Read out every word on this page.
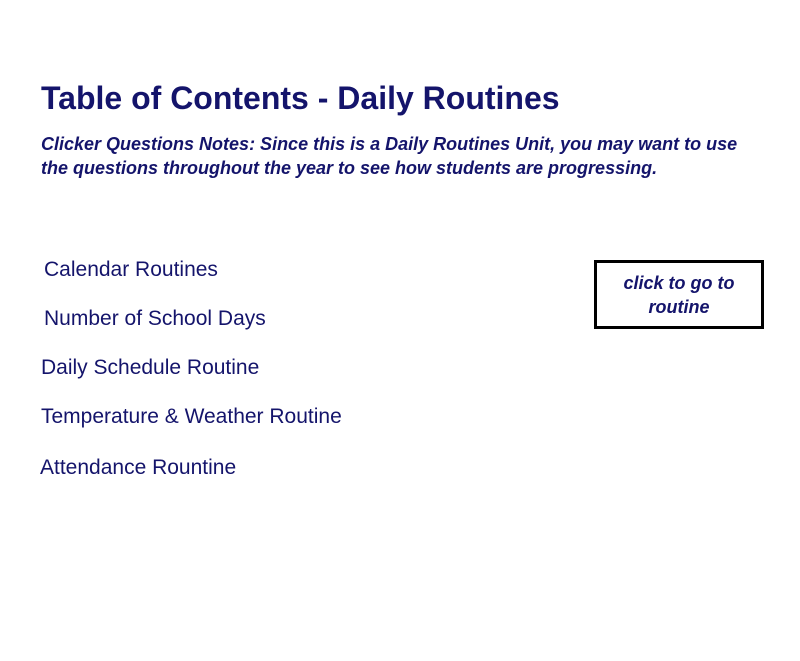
Table of Contents - Daily Routines

Clicker Questions Notes: Since this is a Daily Routines Unit, you may want to use the questions throughout the year to see how students are progressing.

Calendar Routines
Number of School Days
Daily Schedule Routine
Temperature & Weather Routine
Attendance Rountine
click to go to routine
